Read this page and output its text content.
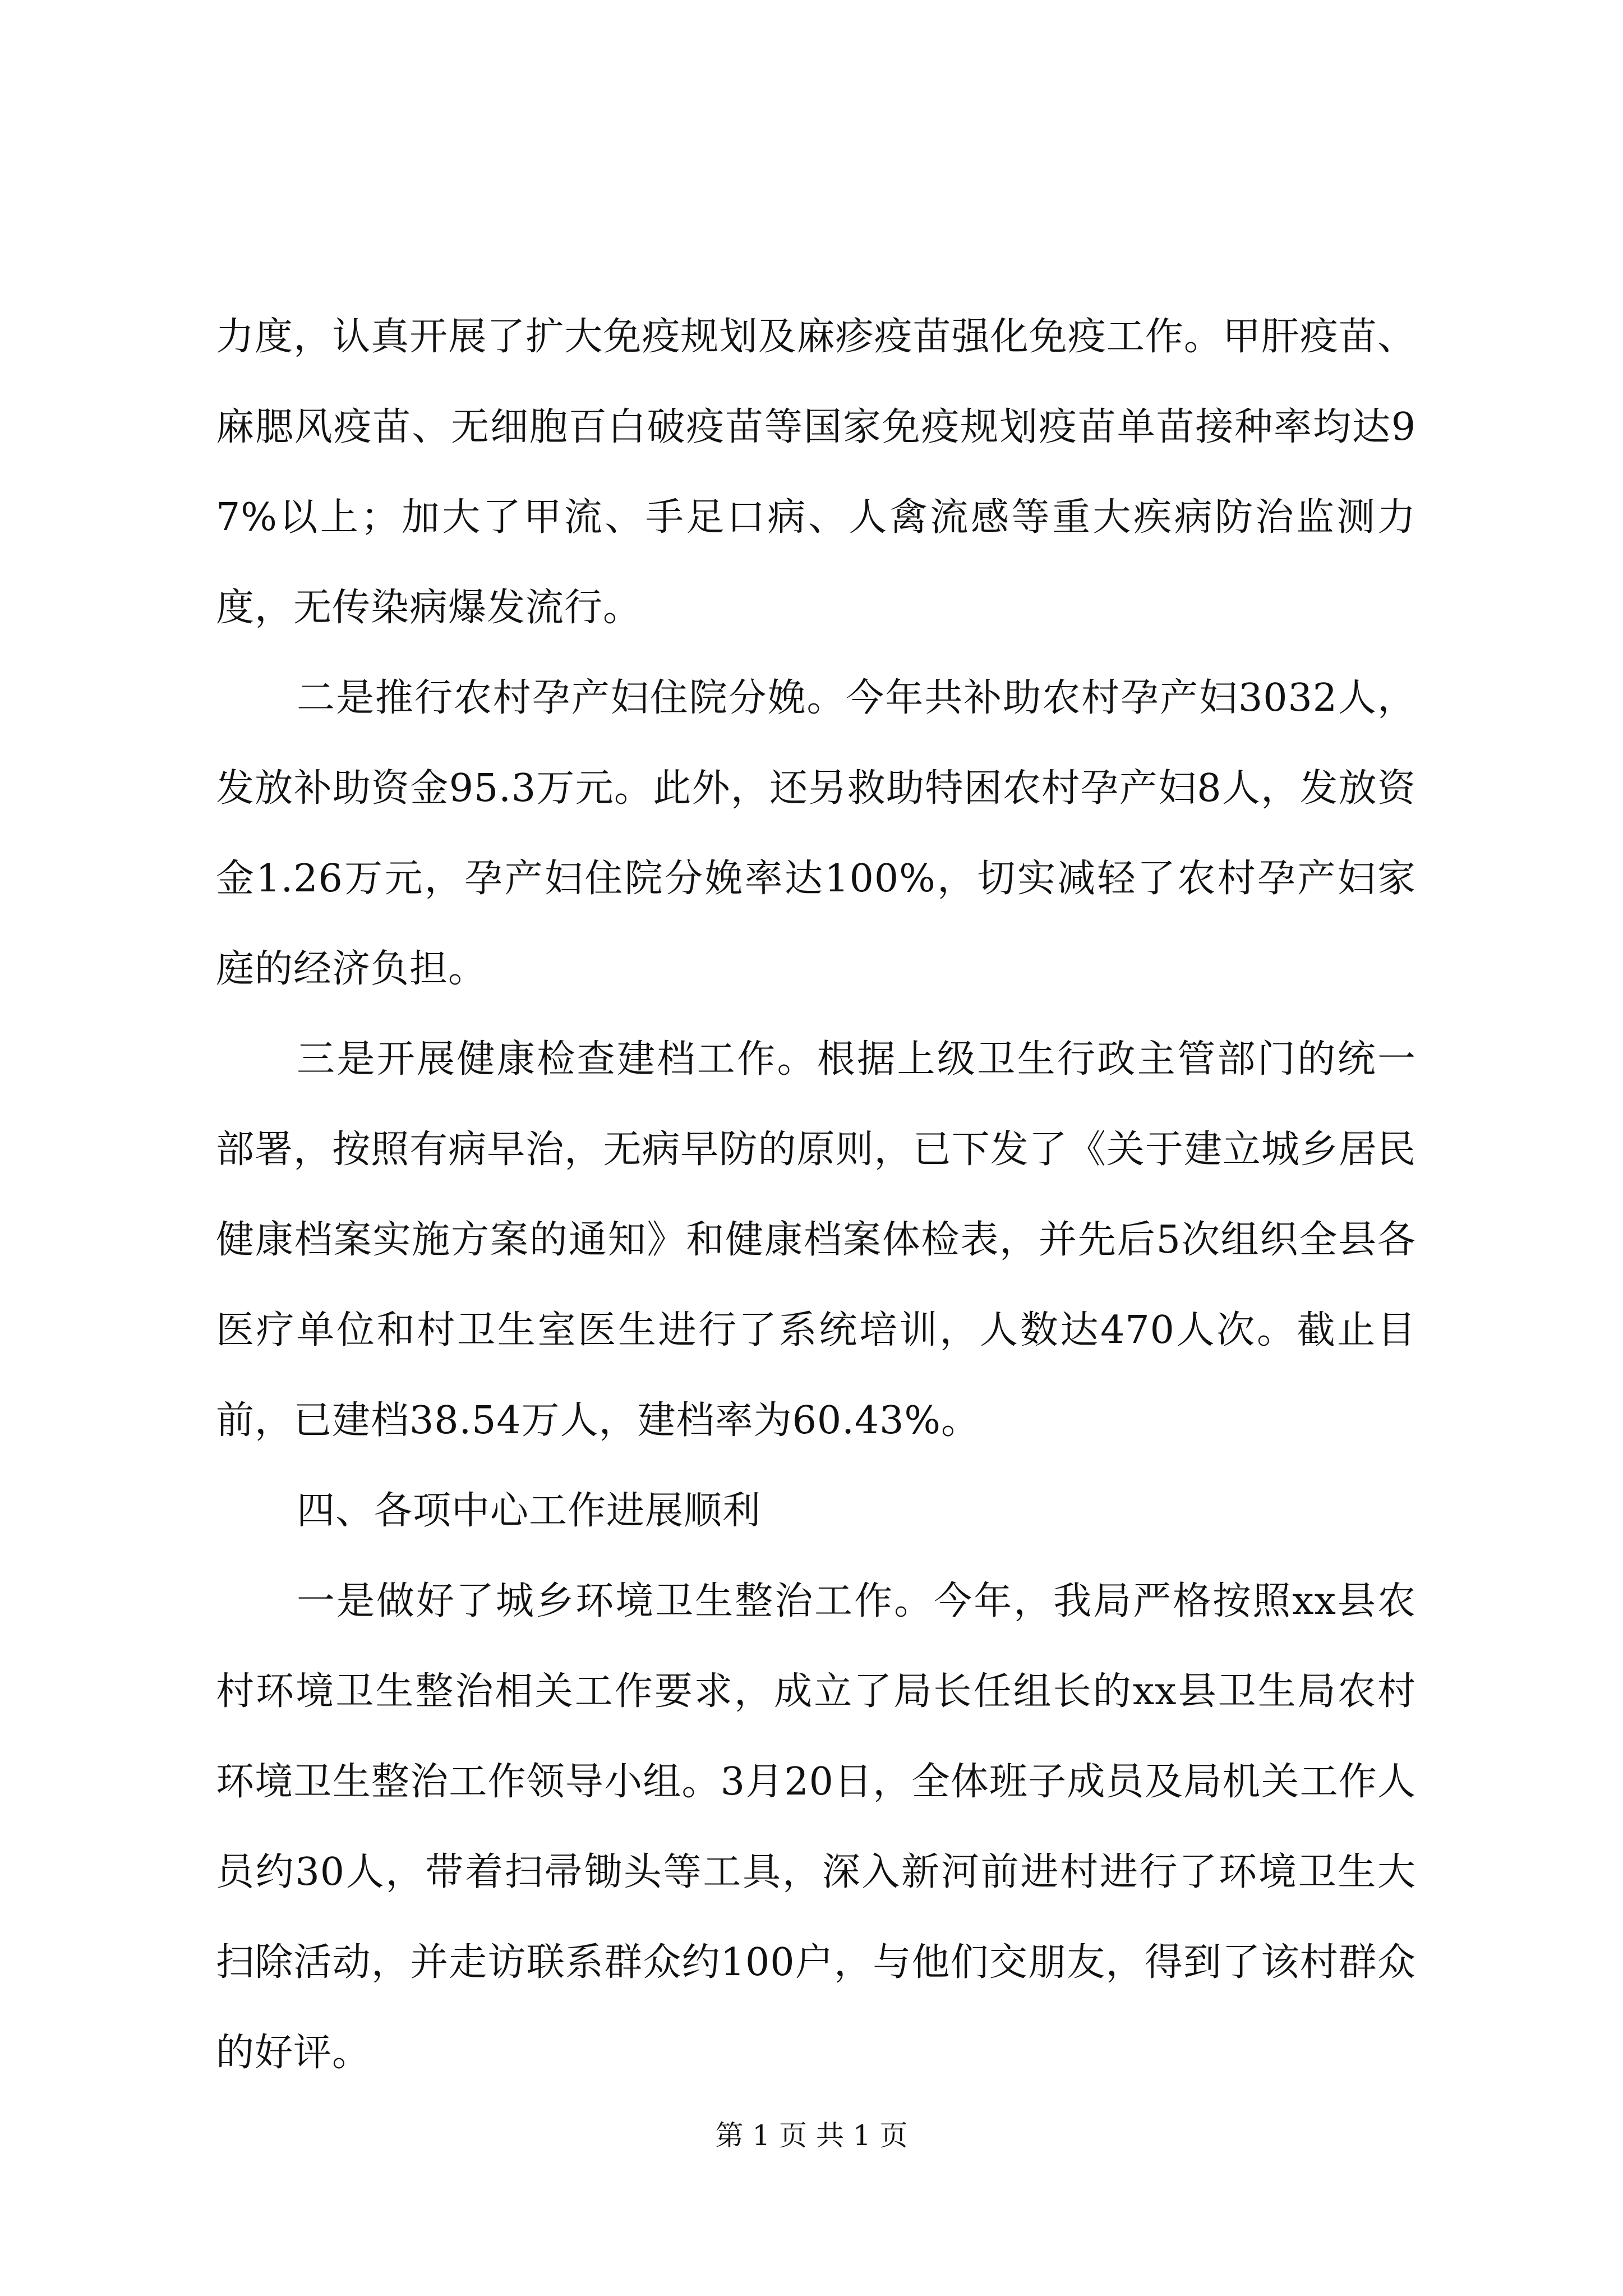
力度，认真开展了扩大免疫规划及麻疹疫苗强化免疫工作。甲肝疫苗、麻腮风疫苗、无细胞百白破疫苗等国家免疫规划疫苗单苗接种率均达97%以上；加大了甲流、手足口病、人禽流感等重大疾病防治监测力度，无传染病爆发流行。

二是推行农村孕产妇住院分娩。今年共补助农村孕产妇3032人，发放补助资金95.3万元。此外，还另救助特困农村孕产妇8人，发放资金1.26万元，孕产妇住院分娩率达100%，切实减轻了农村孕产妇家庭的经济负担。

三是开展健康检查建档工作。根据上级卫生行政主管部门的统一部署，按照有病早治，无病早防的原则，已下发了《关于建立城乡居民健康档案实施方案的通知》和健康档案体检表，并先后5次组织全县各医疗单位和村卫生室医生进行了系统培训，人数达470人次。截止目前，已建档38.54万人，建档率为60.43%。

四、各项中心工作进展顺利

一是做好了城乡环境卫生整治工作。今年，我局严格按照xx县农村环境卫生整治相关工作要求，成立了局长任组长的xx县卫生局农村环境卫生整治工作领导小组。3月20日，全体班子成员及局机关工作人员约30人，带着扫帚锄头等工具，深入新河前进村进行了环境卫生大扫除活动，并走访联系群众约100户，与他们交朋友，得到了该村群众的好评。

第 1 页 共 1 页
